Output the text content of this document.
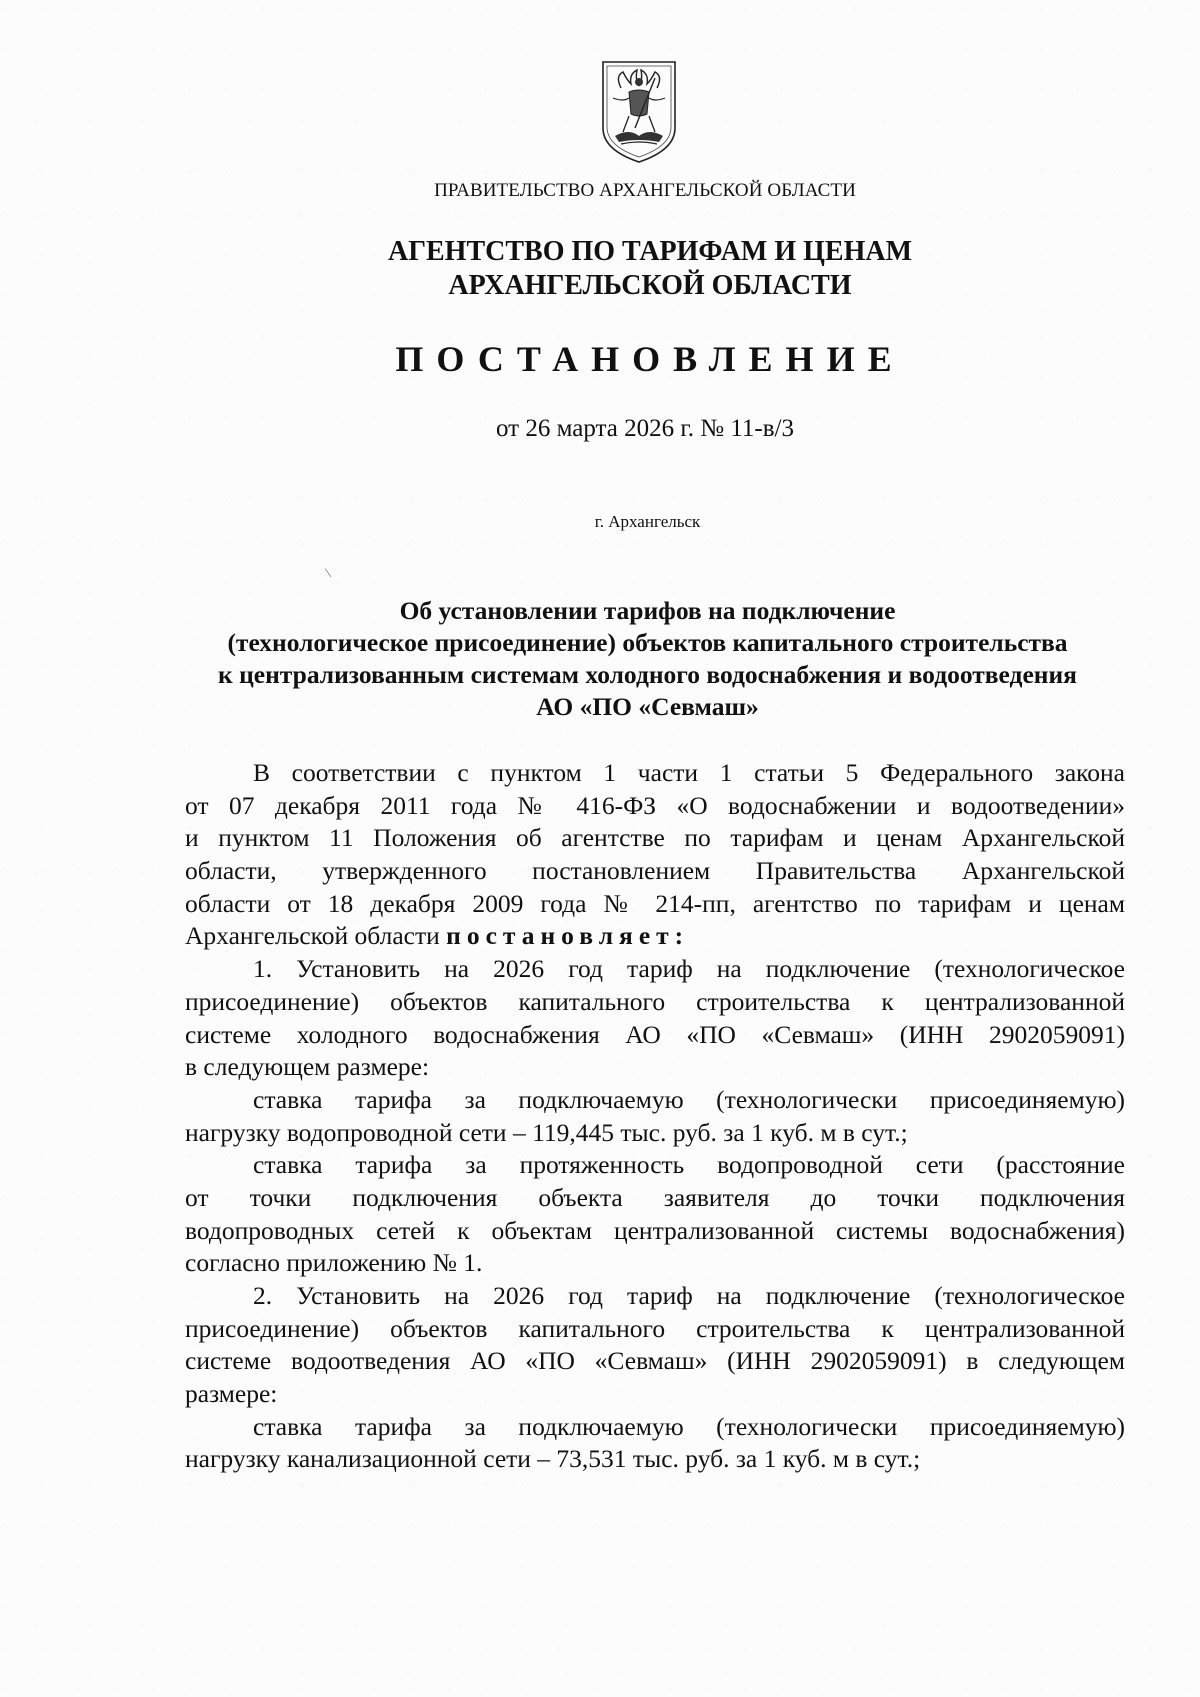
ПРАВИТЕЛЬСТВО АРХАНГЕЛЬСКОЙ ОБЛАСТИ

АГЕНТСТВО ПО ТАРИФАМ И ЦЕНАМ
АРХАНГЕЛЬСКОЙ ОБЛАСТИ

ПОСТАНОВЛЕНИЕ

от 26 марта 2026 г. № 11-в/3

г. Архангельск

Об установлении тарифов на подключение
(технологическое присоединение) объектов капитального строительства
к централизованным системам холодного водоснабжения и водоотведения
АО «ПО «Севмаш»
В соответствии с пунктом 1 части 1 статьи 5 Федерального закона
от 07 декабря 2011 года № 416-ФЗ «О водоснабжении и водоотведении»
и пунктом 11 Положения об агентстве по тарифам и ценам Архангельской
области, утвержденного постановлением Правительства Архангельской
области от 18 декабря 2009 года № 214-пп, агентство по тарифам и ценам
Архангельской области постановляет:
1. Установить на 2026 год тариф на подключение (технологическое
присоединение) объектов капитального строительства к централизованной
системе холодного водоснабжения АО «ПО «Севмаш» (ИНН 2902059091)
в следующем размере:
ставка тарифа за подключаемую (технологически присоединяемую)
нагрузку водопроводной сети – 119,445 тыс. руб. за 1 куб. м в сут.;
ставка тарифа за протяженность водопроводной сети (расстояние
от точки подключения объекта заявителя до точки подключения
водопроводных сетей к объектам централизованной системы водоснабжения)
согласно приложению № 1.
2. Установить на 2026 год тариф на подключение (технологическое
присоединение) объектов капитального строительства к централизованной
системе водоотведения АО «ПО «Севмаш» (ИНН 2902059091) в следующем
размере:
ставка тарифа за подключаемую (технологически присоединяемую)
нагрузку канализационной сети – 73,531 тыс. руб. за 1 куб. м в сут.;
